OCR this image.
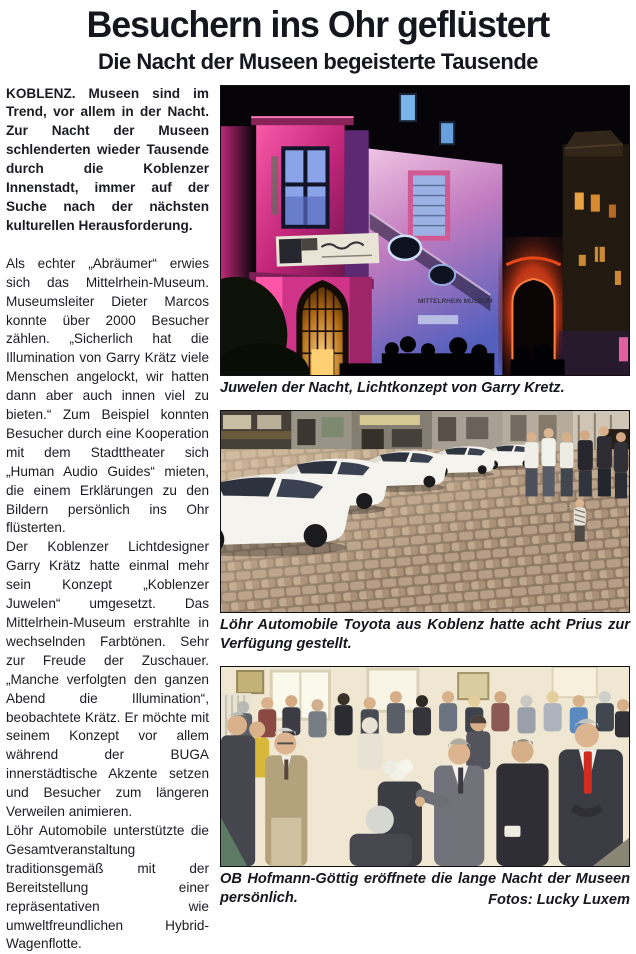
Besuchern ins Ohr geflüstert
Die Nacht der Museen begeisterte Tausende

KOBLENZ. Museen sind im Trend, vor allem in der Nacht. Zur Nacht der Museen schlenderten wieder Tausende durch die Koblenzer Innenstadt, immer auf der Suche nach der nächsten kulturellen Herausforderung.

Als echter „Abräumer“ erwies sich das Mittelrhein-Museum. Museumsleiter Dieter Marcos konnte über 2000 Besucher zählen. „Sicherlich hat die Illumination von Garry Krätz viele Menschen angelockt, wir hatten dann aber auch innen viel zu bieten.“ Zum Beispiel konnten Besucher durch eine Kooperation mit dem Stadttheater sich „Human Audio Guides“ mieten, die einem Erklärungen zu den Bildern persönlich ins Ohr flüsterten.

Der Koblenzer Lichtdesigner Garry Krätz hatte einmal mehr sein Konzept „Koblenzer Juwelen“ umgesetzt. Das Mittelrhein-Museum erstrahlte in wechselnden Farbtönen. Sehr zur Freude der Zuschauer. „Manche verfolgten den ganzen Abend die Illumination“, beobachtete Krätz. Er möchte mit seinem Konzept vor allem während der BUGA innerstädtische Akzente setzen und Besucher zum längeren Verweilen animieren.

Löhr Automobile unterstützte die Gesamtveranstaltung traditionsgemäß mit der Bereitstellung einer repräsentativen wie umweltfreundlichen Hybrid-Wagenflotte.

MITTELRHEIN MUSEUM
Juwelen der Nacht, Lichtkonzept von Garry Kretz.
Löhr Automobile Toyota aus Koblenz hatte acht Prius zur Verfügung gestellt.
OB Hofmann-Göttig eröffnete die lange Nacht der Museen persönlich.	Fotos: Lucky Luxem
